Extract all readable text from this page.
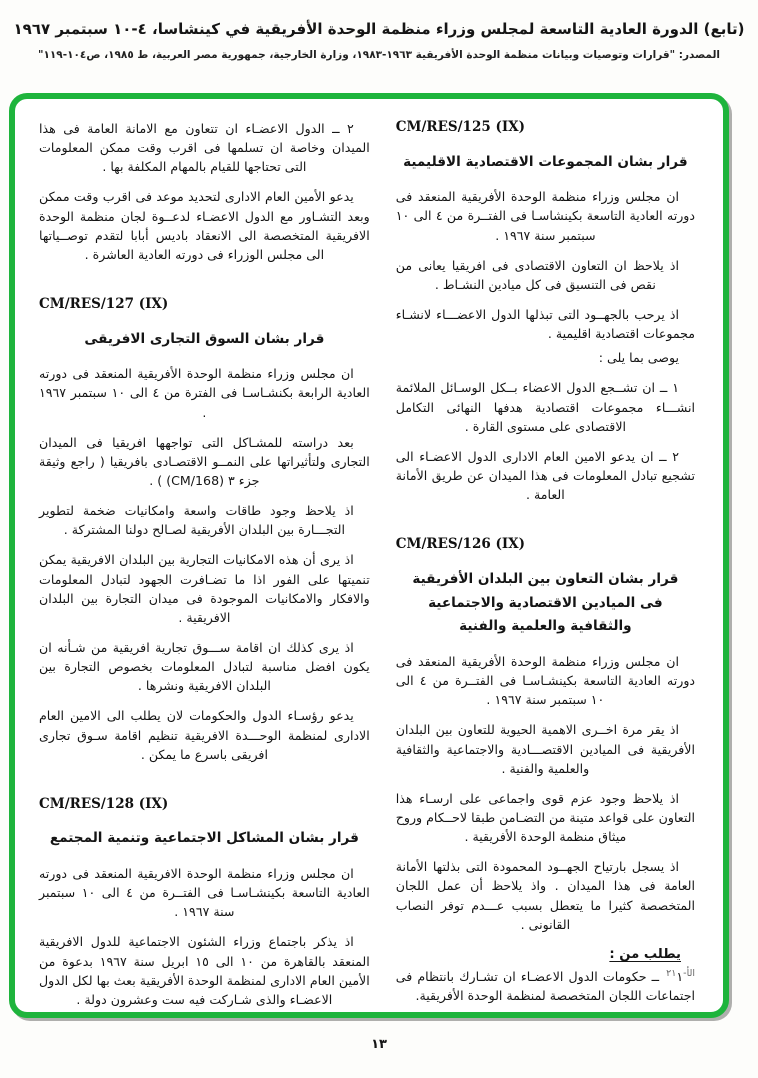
(تابع) الدورة العادية التاسعة لمجلس وزراء منظمة الوحدة الأفريقية في كينشاسا، ٤-١٠ سبتمبر ١٩٦٧
المصدر: "قرارات وتوصيات وبيانات منظمة الوحدة الأفريقية ١٩٦٣-١٩٨٣، وزارة الخارجية، جمهورية مصر العربية، ط ١٩٨٥، ص١٠٤-١١٩"

CM/RES/125 (IX)

قرار بشان المجموعات الاقتصادية الاقليمية

ان مجلس وزراء منظمة الوحدة الأفريقية المنعقد فى دورته العادية التاسعة بكينشاسـا فى الفتــرة من ٤ الى ١٠ سبتمبر سنة ١٩٦٧ .

اذ يلاحظ ان التعاون الاقتصادى فى افريقيا يعانى من نقص فى التنسيق فى كل ميادين النشـاط .

اذ يرحب بالجهــود التى تبذلها الدول الاعضـــاء لانشـاء مجموعات اقتصادية اقليمية .

يوصى بما يلى :

١ ــ ان تشــجع الدول الاعضاء بــكل الوسـائل الملائمة انشـــاء مجموعات اقتصادية هدفها النهائى التكامل الاقتصادى على مستوى القارة .

٢ ــ ان يدعو الامين العام الادارى الدول الاعضـاء الى تشجيع تبادل المعلومات فى هذا الميدان عن طريق الأمانة العامة .

CM/RES/126 (IX)

قرار بشان التعاون بين البلدان الأفريقية

فى الميادين الاقتصادية والاجتماعية

والثقافية والعلمية والفنية

ان مجلس وزراء منظمة الوحدة الأفريقية المنعقد فى دورته العادية التاسعة بكينشـاسـا فى الفتــرة من ٤ الى ١٠ سبتمبر سنة ١٩٦٧ .

اذ يقر مرة اخــرى الاهمية الحيوية للتعاون بين البلدان الأفريقية فى الميادين الاقتصـــادية والاجتماعية والثقافية والعلمية والفنية .

اذ يلاحظ وجود عزم قوى واجماعى على ارسـاء هذا التعاون على قواعد متينة من التضـامن طبقا لاحــكام وروح ميثاق منظمة الوحدة الأفريقية .

اذ يسجل بارتياح الجهــود المحمودة التى بذلتها الأمانة العامة فى هذا الميدان . واذ يلاحظ أن عمل اللجان المتخصصة كثيرا ما يتعطل بسبب عـــدم توفر النصاب القانونى .

يطلب من :

$^{الأ-٢١}$١ ــ حكومات الدول الاعضـاء ان تشـارك بانتظام فى اجتماعات اللجان المتخصصة لمنظمة الوحدة الأفريقية.

٢ ــ الدول الاعضـاء ان تتعاون مع الامانة العامة فى هذا الميدان وخاصة ان تسلمها فى اقرب وقت ممكن المعلومات التى تحتاجها للقيام بالمهام المكلفة بها .

يدعو الأمين العام الادارى لتحديد موعد فى اقرب وقت ممكن وبعد التشـاور مع الدول الاعضـاء لدعــوة لجان منظمة الوحدة الافريقية المتخصصة الى الانعقاد باديس أبابا لتقدم توصــياتها الى مجلس الوزراء فى دورته العادية العاشرة .

CM/RES/127 (IX)

قرار بشان السوق التجارى الافريقى

ان مجلس وزراء منظمة الوحدة الأفريقية المنعقد فى دورته العادية الرابعة بكنشـاسـا فى الفترة من ٤ الى ١٠ سبتمبر ١٩٦٧ .

بعد دراسته للمشـاكل التى تواجهها افريقيا فى الميدان التجارى ولتأثيراتها على النمــو الاقتصـادى بافريقيا ( راجع وثيقة جزء ٣ (CM/168) ) .

اذ يلاحظ وجود طاقات واسعة وامكانيات ضخمة لتطوير التجـــارة بين البلدان الأفريقية لصـالح دولنا المشتركة .

اذ يرى أن هذه الامكانيات التجارية بين البلدان الافريقية يمكن تنميتها على الفور اذا ما تضـافرت الجهود لتبادل المعلومات والافكار والامكانيات الموجودة فى ميدان التجارة بين البلدان الافريقية .

اذ يرى كذلك ان اقامة ســـوق تجارية افريقية من شـأنه ان يكون افضل مناسبة لتبادل المعلومات بخصوص التجارة بين البلدان الافريقية ونشرها .

يدعو رؤسـاء الدول والحكومات لان يطلب الى الامين العام الادارى لمنظمة الوحـــدة الافريقية تنظيم اقامة سـوق تجارى افريقى باسرع ما يمكن .

CM/RES/128 (IX)

قرار بشان المشاكل الاجتماعية وتنمية المجتمع

ان مجلس وزراء منظمة الوحدة الافريقية المنعقد فى دورته العادية التاسعة بكينشـاسـا فى الفتــرة من ٤ الى ١٠ سبتمبر سنة ١٩٦٧ .

اذ يذكر باجتماع وزراء الشئون الاجتماعية للدول الافريقية المنعقد بالقاهرة من ١٠ الى ١٥ ابريل سنة ١٩٦٧ بدعوة من الأمين العام الادارى لمنظمة الوحدة الأفريقية بعث بها لكل الدول الاعضـاء والذى شـاركت فيه ست وعشرون دولة .

١٣
